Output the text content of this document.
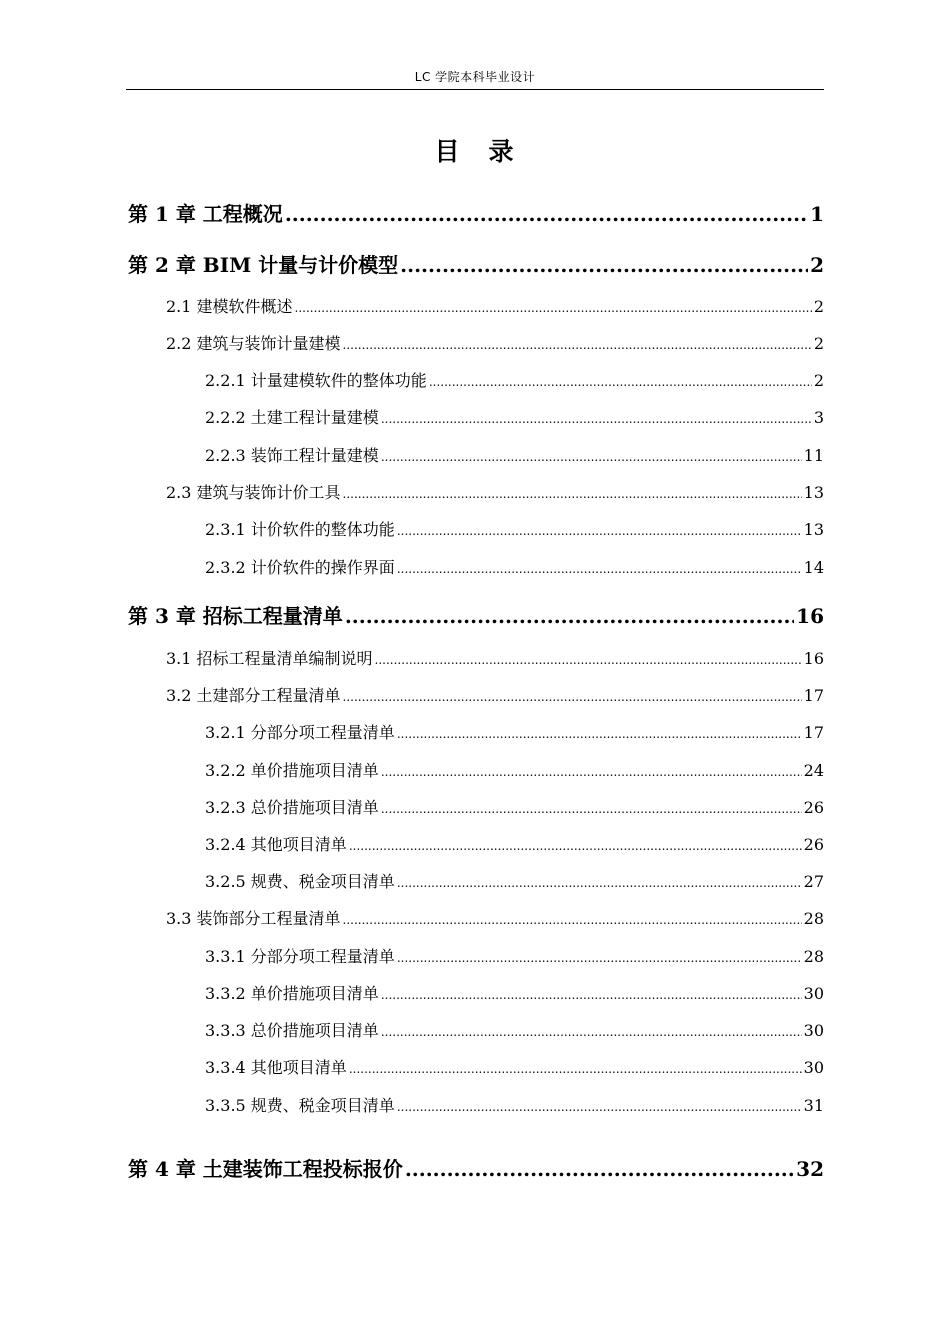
LC 学院本科毕业设计
目　录
第 1 章 工程概况 .....	1
第 2 章 BIM 计量与计价模型 .....	2
2.1 建模软件概述 .....	2
2.2 建筑与装饰计量建模 .....	2
2.2.1 计量建模软件的整体功能 .....	2
2.2.2 土建工程计量建模 .....	3
2.2.3 装饰工程计量建模 .....	11
2.3 建筑与装饰计价工具 .....	13
2.3.1 计价软件的整体功能 .....	13
2.3.2 计价软件的操作界面 .....	14
第 3 章 招标工程量清单 .....	16
3.1 招标工程量清单编制说明 .....	16
3.2 土建部分工程量清单 .....	17
3.2.1 分部分项工程量清单 .....	17
3.2.2 单价措施项目清单 .....	24
3.2.3 总价措施项目清单 .....	26
3.2.4 其他项目清单 .....	26
3.2.5 规费、税金项目清单 .....	27
3.3 装饰部分工程量清单 .....	28
3.3.1 分部分项工程量清单 .....	28
3.3.2 单价措施项目清单 .....	30
3.3.3 总价措施项目清单 .....	30
3.3.4 其他项目清单 .....	30
3.3.5 规费、税金项目清单 .....	31
第 4 章 土建装饰工程投标报价 .....	32
